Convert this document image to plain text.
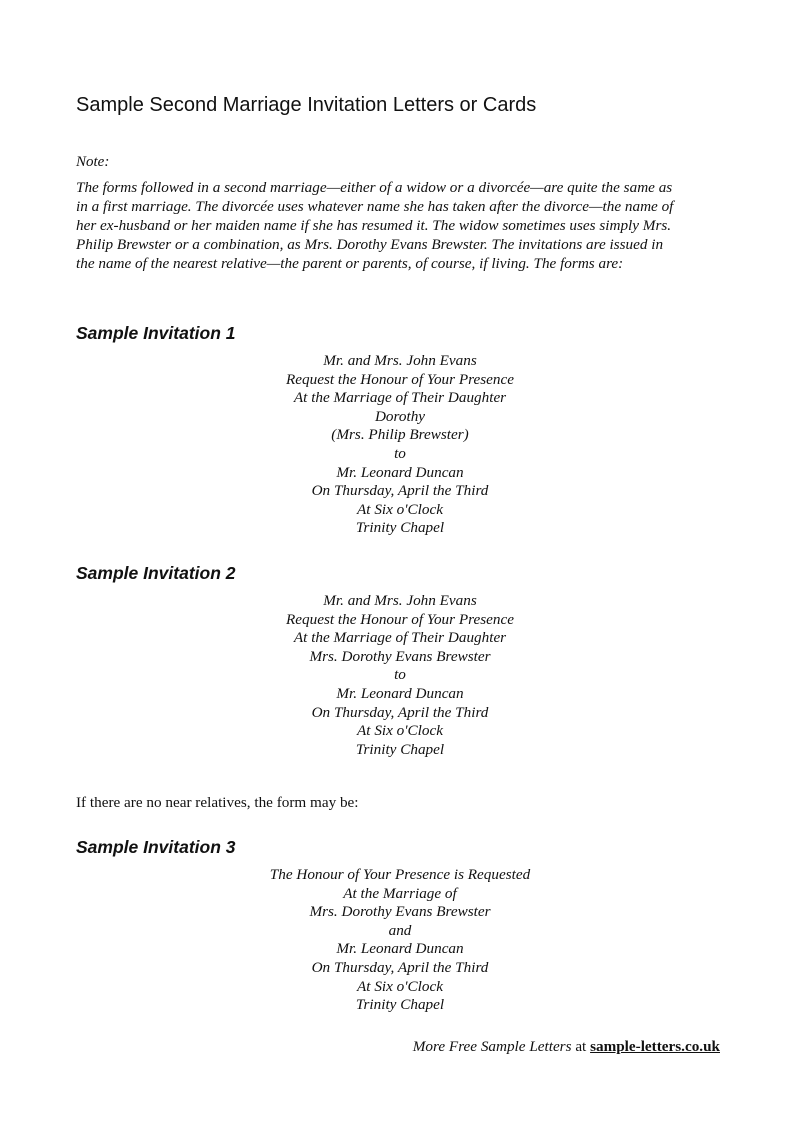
Sample Second Marriage Invitation Letters or Cards

Note:

The forms followed in a second marriage—either of a widow or a divorcée—are quite the same as
in a first marriage. The divorcée uses whatever name she has taken after the divorce—the name of
her ex-husband or her maiden name if she has resumed it. The widow sometimes uses simply Mrs.
Philip Brewster or a combination, as Mrs. Dorothy Evans Brewster. The invitations are issued in
the name of the nearest relative—the parent or parents, of course, if living. The forms are:

Sample Invitation 1
Mr. and Mrs. John Evans
Request the Honour of Your Presence
At the Marriage of Their Daughter
Dorothy
(Mrs. Philip Brewster)
to
Mr. Leonard Duncan
On Thursday, April the Third
At Six o'Clock
Trinity Chapel
Sample Invitation 2
Mr. and Mrs. John Evans
Request the Honour of Your Presence
At the Marriage of Their Daughter
Mrs. Dorothy Evans Brewster
to
Mr. Leonard Duncan
On Thursday, April the Third
At Six o'Clock
Trinity Chapel

If there are no near relatives, the form may be:

Sample Invitation 3
The Honour of Your Presence is Requested
At the Marriage of
Mrs. Dorothy Evans Brewster
and
Mr. Leonard Duncan
On Thursday, April the Third
At Six o'Clock
Trinity Chapel

More Free Sample Letters at sample-letters.co.uk
